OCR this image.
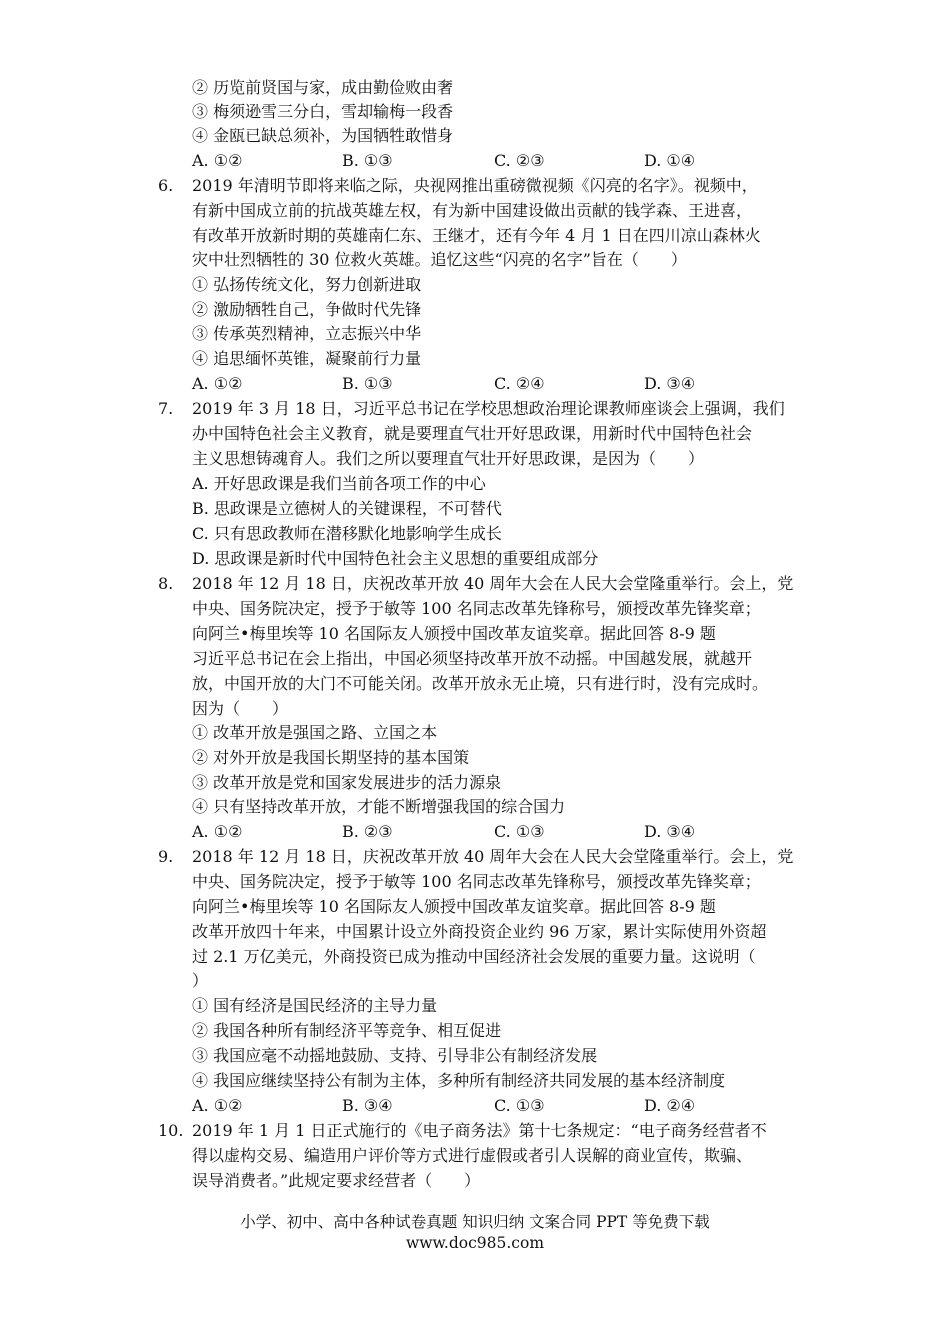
② 历览前贤国与家，成由勤俭败由奢
③ 梅须逊雪三分白，雪却输梅一段香
④ 金瓯已缺总须补，为国牺牲敢惜身
A. ①②	B. ①③	C. ②③	D. ①④
6.	2019 年清明节即将来临之际，央视网推出重磅微视频《闪亮的名字》。视频中，
有新中国成立前的抗战英雄左权，有为新中国建设做出贡献的钱学森、王进喜，
有改革开放新时期的英雄南仁东、王继才，还有今年 4 月 1 日在四川凉山森林火
灾中壮烈牺牲的 30 位救火英雄。追忆这些“闪亮的名字”旨在（　　）
① 弘扬传统文化，努力创新进取
② 激励牺牲自己，争做时代先锋
③ 传承英烈精神，立志振兴中华
④ 追思缅怀英锥，凝聚前行力量
A. ①②	B. ①③	C. ②④	D. ③④
7.	2019 年 3 月 18 日，习近平总书记在学校思想政治理论课教师座谈会上强调，我们
办中国特色社会主义教育，就是要理直气壮开好思政课，用新时代中国特色社会
主义思想铸魂育人。我们之所以要理直气壮开好思政课，是因为（　　）
A. 开好思政课是我们当前各项工作的中心
B. 思政课是立德树人的关键课程，不可替代
C. 只有思政教师在潜移默化地影响学生成长
D. 思政课是新时代中国特色社会主义思想的重要组成部分
8.	2018 年 12 月 18 日，庆祝改革开放 40 周年大会在人民大会堂隆重举行。会上，党
中央、国务院决定，授予于敏等 100 名同志改革先锋称号，颁授改革先锋奖章；
向阿兰•梅里埃等 10 名国际友人颁授中国改革友谊奖章。据此回答 8-9 题
习近平总书记在会上指出，中国必须坚持改革开放不动摇。中国越发展，就越开
放，中国开放的大门不可能关闭。改革开放永无止境，只有进行时，没有完成时。
因为（　　）
① 改革开放是强国之路、立国之本
② 对外开放是我国长期坚持的基本国策
③ 改革开放是党和国家发展进步的活力源泉
④ 只有坚持改革开放，才能不断增强我国的综合国力
A. ①②	B. ②③	C. ①③	D. ③④
9.	2018 年 12 月 18 日，庆祝改革开放 40 周年大会在人民大会堂隆重举行。会上，党
中央、国务院决定，授予于敏等 100 名同志改革先锋称号，颁授改革先锋奖章；
向阿兰•梅里埃等 10 名国际友人颁授中国改革友谊奖章。据此回答 8-9 题
改革开放四十年来，中国累计设立外商投资企业约 96 万家，累计实际使用外资超
过 2.1 万亿美元，外商投资已成为推动中国经济社会发展的重要力量。这说明（
）
① 国有经济是国民经济的主导力量
② 我国各种所有制经济平等竞争、相互促进
③ 我国应毫不动摇地鼓励、支持、引导非公有制经济发展
④ 我国应继续坚持公有制为主体，多种所有制经济共同发展的基本经济制度
A. ①②	B. ③④	C. ①③	D. ②④
10. 2019 年 1 月 1 日正式施行的《电子商务法》第十七条规定：“电子商务经营者不
得以虚构交易、编造用户评价等方式进行虚假或者引人误解的商业宣传，欺骗、
误导消费者。”此规定要求经营者（　　）
小学、初中、高中各种试卷真题 知识归纳 文案合同 PPT 等免费下载
www.doc985.com
